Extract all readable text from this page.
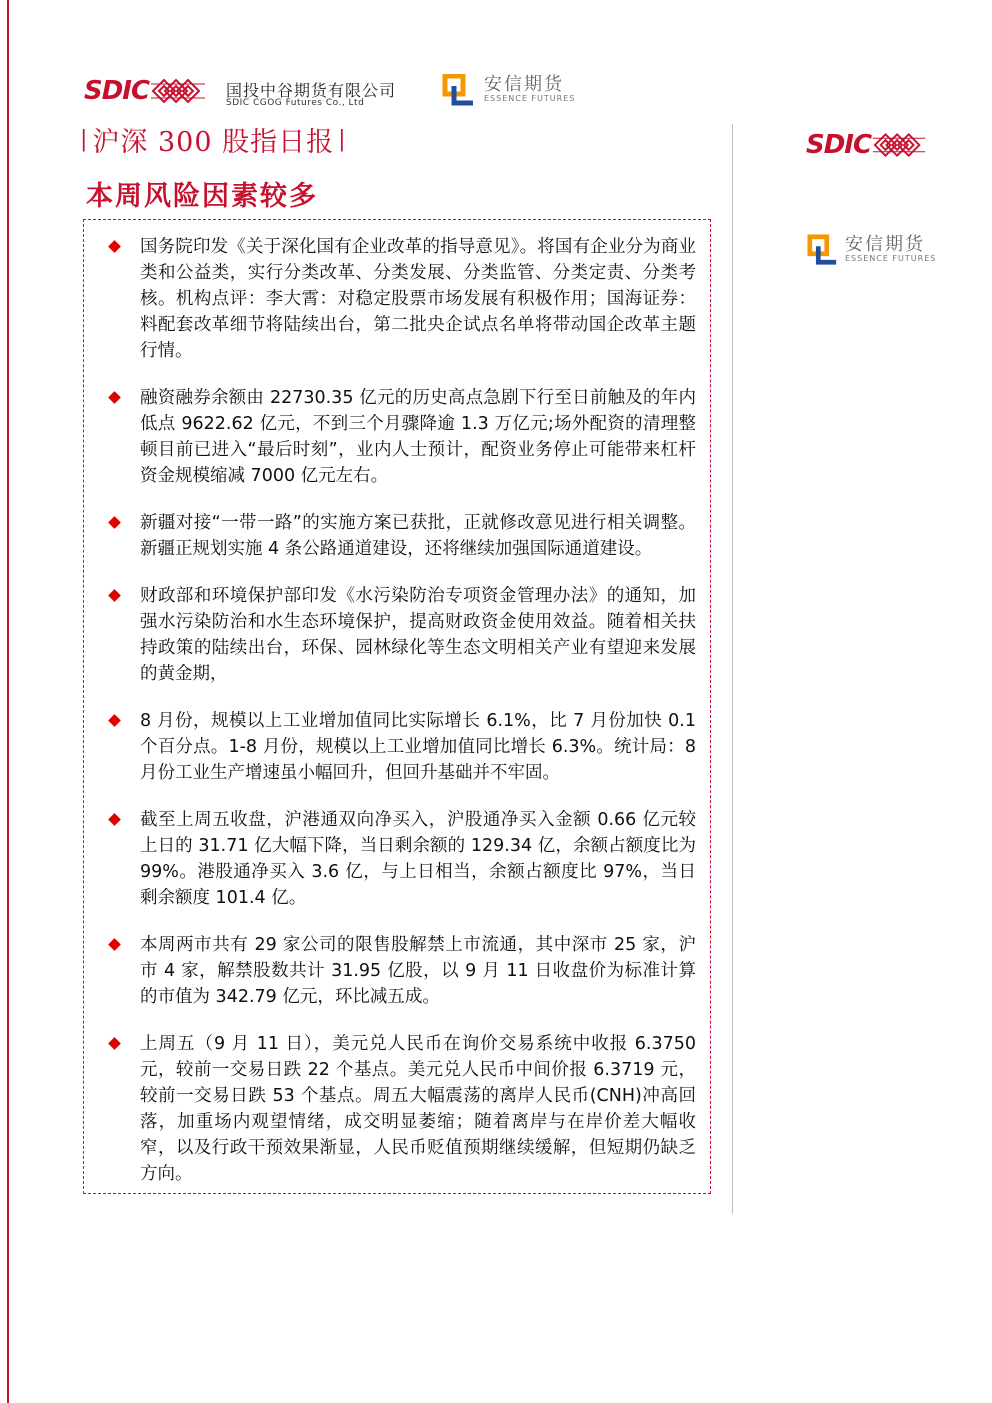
SDIC	国投中谷期货有限公司
SDIC CGOG Futures Co., Ltd
安信期货
ESSENCE FUTURES
SDIC
安信期货
ESSENCE FUTURES
| 沪深 300 股指日报 |
本周风险因素较多
国务院印发《关于深化国有企业改革的指导意见》。将国有企业分为商业类和公益类，实行分类改革、分类发展、分类监管、分类定责、分类考核。机构点评：李大霄：对稳定股票市场发展有积极作用；国海证券：料配套改革细节将陆续出台，第二批央企试点名单将带动国企改革主题行情。
融资融券余额由 22730.35 亿元的历史高点急剧下行至日前触及的年内低点 9622.62 亿元，不到三个月骤降逾 1.3 万亿元;场外配资的清理整顿目前已进入“最后时刻”，业内人士预计，配资业务停止可能带来杠杆资金规模缩减 7000 亿元左右。
新疆对接“一带一路”的实施方案已获批，正就修改意见进行相关调整。新疆正规划实施 4 条公路通道建设，还将继续加强国际通道建设。
财政部和环境保护部印发《水污染防治专项资金管理办法》的通知，加强水污染防治和水生态环境保护，提高财政资金使用效益。随着相关扶持政策的陆续出台，环保、园林绿化等生态文明相关产业有望迎来发展的黄金期，
8 月份，规模以上工业增加值同比实际增长 6.1%，比 7 月份加快 0.1 个百分点。1-8 月份，规模以上工业增加值同比增长 6.3%。统计局：8 月份工业生产增速虽小幅回升，但回升基础并不牢固。
截至上周五收盘，沪港通双向净买入，沪股通净买入金额 0.66 亿元较上日的 31.71 亿大幅下降，当日剩余额的 129.34 亿，余额占额度比为 99%。港股通净买入 3.6 亿，与上日相当，余额占额度比 97%，当日剩余额度 101.4 亿。
本周两市共有 29 家公司的限售股解禁上市流通，其中深市 25 家，沪市 4 家，解禁股数共计 31.95 亿股，以 9 月 11 日收盘价为标准计算的市值为 342.79 亿元，环比减五成。
上周五（9 月 11 日），美元兑人民币在询价交易系统中收报 6.3750 元，较前一交易日跌 22 个基点。美元兑人民币中间价报 6.3719 元，较前一交易日跌 53 个基点。周五大幅震荡的离岸人民币(CNH)冲高回落，加重场内观望情绪，成交明显萎缩；随着离岸与在岸价差大幅收窄，以及行政干预效果渐显，人民币贬值预期继续缓解，但短期仍缺乏方向。
